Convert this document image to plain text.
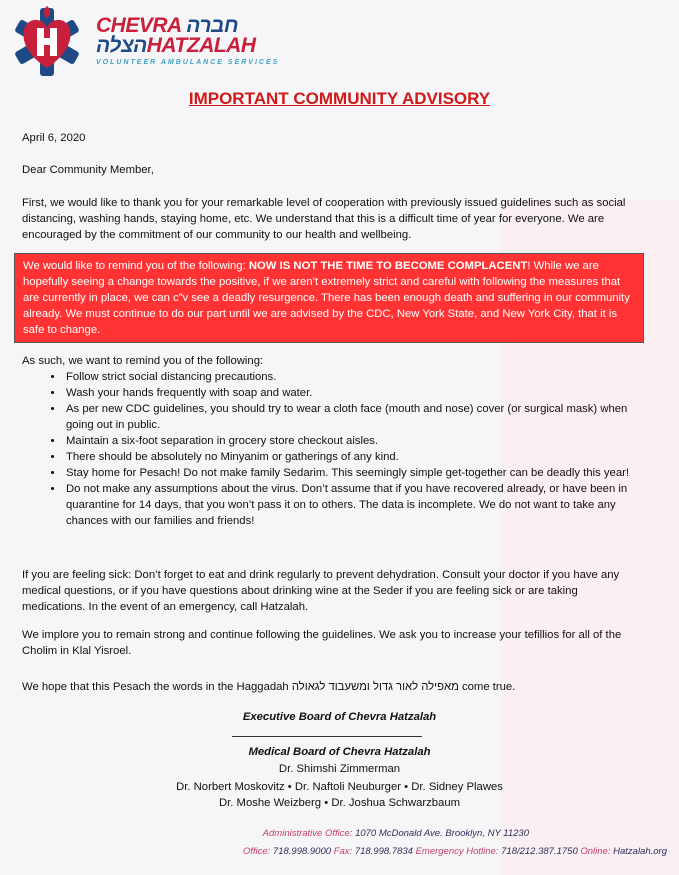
CHEVRA חברה
הצלהHATZALAH
VOLUNTEER AMBULANCE SERVICES
IMPORTANT COMMUNITY ADVISORY
April 6, 2020
Dear Community Member,
First, we would like to thank you for your remarkable level of cooperation with previously issued guidelines such as social distancing, washing hands, staying home, etc. We understand that this is a difficult time of year for everyone. We are encouraged by the commitment of our community to our health and wellbeing.
We would like to remind you of the following: NOW IS NOT THE TIME TO BECOME COMPLACENT! While we are hopefully seeing a change towards the positive, if we aren’t extremely strict and careful with following the measures that are currently in place, we can c”v see a deadly resurgence. There has been enough death and suffering in our community already. We must continue to do our part until we are advised by the CDC, New York State, and New York City, that it is safe to change.
As such, we want to remind you of the following:
• Follow strict social distancing precautions.
• Wash your hands frequently with soap and water.
• As per new CDC guidelines, you should try to wear a cloth face (mouth and nose) cover (or surgical mask) when going out in public.
• Maintain a six-foot separation in grocery store checkout aisles.
• There should be absolutely no Minyanim or gatherings of any kind.
• Stay home for Pesach! Do not make family Sedarim. This seemingly simple get-together can be deadly this year!
• Do not make any assumptions about the virus. Don’t assume that if you have recovered already, or have been in quarantine for 14 days, that you won’t pass it on to others. The data is incomplete. We do not want to take any chances with our families and friends!
If you are feeling sick: Don’t forget to eat and drink regularly to prevent dehydration. Consult your doctor if you have any medical questions, or if you have questions about drinking wine at the Seder if you are feeling sick or are taking medications. In the event of an emergency, call Hatzalah.
We implore you to remain strong and continue following the guidelines. We ask you to increase your tefillios for all of the Cholim in Klal Yisroel.
We hope that this Pesach the words in the Haggadah מאפילה לאור גדול ומשעבוד לגאולה come true.
Executive Board of Chevra Hatzalah
Medical Board of Chevra Hatzalah
Dr. Shimshi Zimmerman
Dr. Norbert Moskovitz • Dr. Naftoli Neuburger • Dr. Sidney Plawes
Dr. Moshe Weizberg • Dr. Joshua Schwarzbaum
Administrative Office: 1070 McDonald Ave. Brooklyn, NY 11230
Office: 718.998.9000 Fax: 718.998.7834 Emergency Hotline: 718/212.387.1750 Online: Hatzalah.org
